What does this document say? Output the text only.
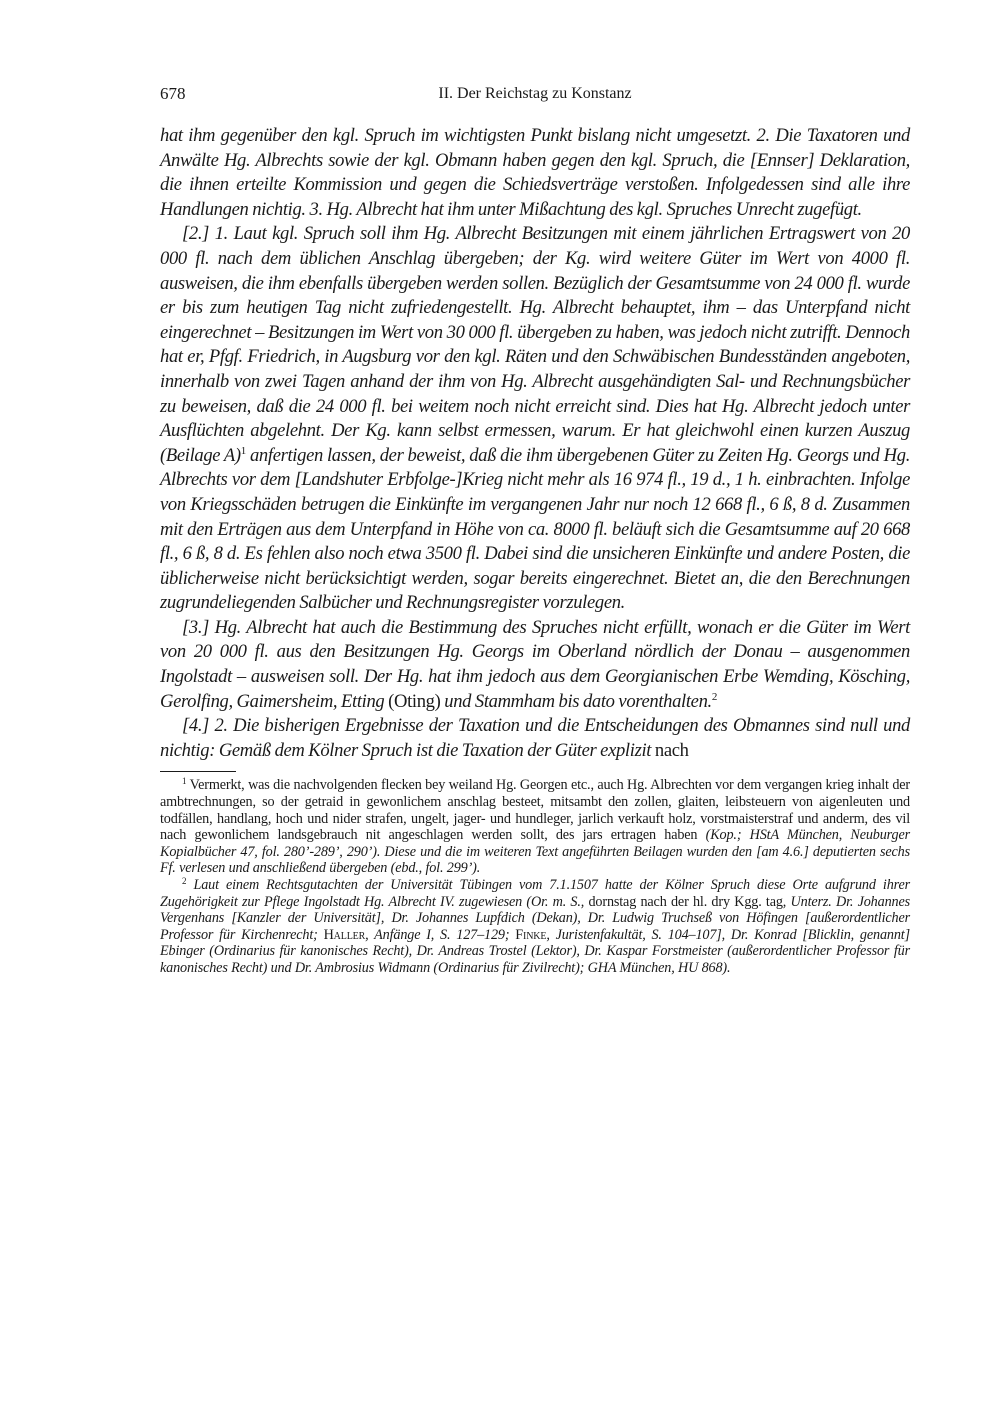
678	II. Der Reichstag zu Konstanz

hat ihm gegenüber den kgl. Spruch im wichtigsten Punkt bislang nicht umgesetzt. 2. Die Taxatoren und Anwälte Hg. Albrechts sowie der kgl. Obmann haben gegen den kgl. Spruch, die [Ennser] Deklaration, die ihnen erteilte Kommission und gegen die Schiedsverträge verstoßen. Infolgedessen sind alle ihre Handlungen nichtig. 3. Hg. Albrecht hat ihm unter Mißachtung des kgl. Spruches Unrecht zugefügt.

[2.] 1. Laut kgl. Spruch soll ihm Hg. Albrecht Besitzungen mit einem jährlichen Ertragswert von 20 000 fl. nach dem üblichen Anschlag übergeben; der Kg. wird weitere Güter im Wert von 4000 fl. ausweisen, die ihm ebenfalls übergeben werden sollen. Bezüglich der Gesamtsumme von 24 000 fl. wurde er bis zum heutigen Tag nicht zufriedengestellt. Hg. Albrecht behauptet, ihm – das Unterpfand nicht eingerechnet – Besitzungen im Wert von 30 000 fl. übergeben zu haben, was jedoch nicht zutrifft. Dennoch hat er, Pfgf. Friedrich, in Augsburg vor den kgl. Räten und den Schwäbischen Bundesständen angeboten, innerhalb von zwei Tagen anhand der ihm von Hg. Albrecht ausgehändigten Sal- und Rechnungsbücher zu beweisen, daß die 24 000 fl. bei weitem noch nicht erreicht sind. Dies hat Hg. Albrecht jedoch unter Ausflüchten abgelehnt. Der Kg. kann selbst ermessen, warum. Er hat gleichwohl einen kurzen Auszug (Beilage A)$^1$ anfertigen lassen, der beweist, daß die ihm übergebenen Güter zu Zeiten Hg. Georgs und Hg. Albrechts vor dem [Landshuter Erbfolge-]Krieg nicht mehr als 16 974 fl., 19 d., 1 h. einbrachten. Infolge von Kriegsschäden betrugen die Einkünfte im vergangenen Jahr nur noch 12 668 fl., 6 ß, 8 d. Zusammen mit den Erträgen aus dem Unterpfand in Höhe von ca. 8000 fl. beläuft sich die Gesamtsumme auf 20 668 fl., 6 ß, 8 d. Es fehlen also noch etwa 3500 fl. Dabei sind die unsicheren Einkünfte und andere Posten, die üblicherweise nicht berücksichtigt werden, sogar bereits eingerechnet. Bietet an, die den Berechnungen zugrundeliegenden Salbücher und Rechnungsregister vorzulegen.

[3.] Hg. Albrecht hat auch die Bestimmung des Spruches nicht erfüllt, wonach er die Güter im Wert von 20 000 fl. aus den Besitzungen Hg. Georgs im Oberland nördlich der Donau – ausgenommen Ingolstadt – ausweisen soll. Der Hg. hat ihm jedoch aus dem Georgianischen Erbe Wemding, Kösching, Gerolfing, Gaimersheim, Etting (Oting) und Stammham bis dato vorenthalten.$^2$

[4.] 2. Die bisherigen Ergebnisse der Taxation und die Entscheidungen des Obmannes sind null und nichtig: Gemäß dem Kölner Spruch ist die Taxation der Güter explizit nach

$^1$ Vermerkt, was die nachvolgenden flecken bey weiland Hg. Georgen etc., auch Hg. Albrechten vor dem vergangen krieg inhalt der ambtrechnungen, so der getraid in gewonlichem anschlag besteet, mitsambt den zollen, glaiten, leibsteuern von aigenleuten und todfällen, handlang, hoch und nider strafen, ungelt, jager- und hundleger, jarlich verkauft holz, vorstmaisterstraf und anderm, des vil nach gewonlichem landsgebrauch nit angeschlagen werden sollt, des jars ertragen haben (Kop.; HStA München, Neuburger Kopialbücher 47, fol. 280’-289’, 290’). Diese und die im weiteren Text angeführten Beilagen wurden den [am 4.6.] deputierten sechs Ff. verlesen und anschließend übergeben (ebd., fol. 299’).

$^2$ Laut einem Rechtsgutachten der Universität Tübingen vom 7.1.1507 hatte der Kölner Spruch diese Orte aufgrund ihrer Zugehörigkeit zur Pflege Ingolstadt Hg. Albrecht IV. zugewiesen (Or. m. S., dornstag nach der hl. dry Kgg. tag, Unterz. Dr. Johannes Vergenhans [Kanzler der Universität], Dr. Johannes Lupfdich (Dekan), Dr. Ludwig Truchseß von Höfingen [außerordentlicher Professor für Kirchenrecht; Haller, Anfänge I, S. 127–129; Finke, Juristenfakultät, S. 104–107], Dr. Konrad [Blicklin, genannt] Ebinger (Ordinarius für kanonisches Recht), Dr. Andreas Trostel (Lektor), Dr. Kaspar Forstmeister (außerordentlicher Professor für kanonisches Recht) und Dr. Ambrosius Widmann (Ordinarius für Zivilrecht); GHA München, HU 868).
